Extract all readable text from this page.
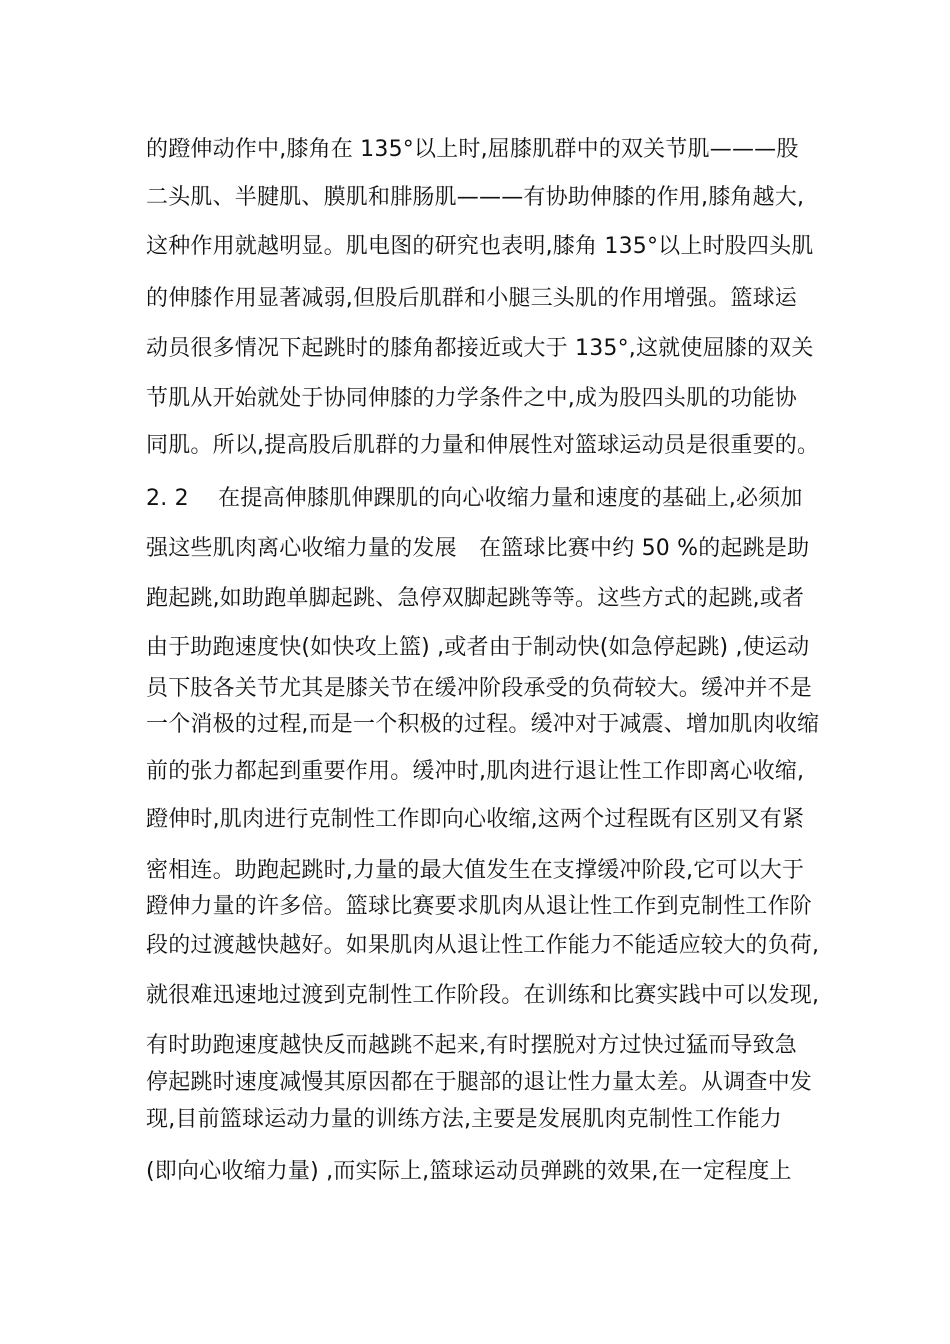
的蹬伸动作中,膝角在 135°以上时,屈膝肌群中的双关节肌———股
二头肌、半腱肌、膜肌和腓肠肌———有协助伸膝的作用,膝角越大,
这种作用就越明显。肌电图的研究也表明,膝角 135°以上时股四头肌
的伸膝作用显著减弱,但股后肌群和小腿三头肌的作用增强。篮球运
动员很多情况下起跳时的膝角都接近或大于 135°,这就使屈膝的双关
节肌从开始就处于协同伸膝的力学条件之中,成为股四头肌的功能协
同肌。所以,提高股后肌群的力量和伸展性对篮球运动员是很重要的。
2. 2　 在提高伸膝肌伸踝肌的向心收缩力量和速度的基础上,必须加
强这些肌肉离心收缩力量的发展　在篮球比赛中约 50 %的起跳是助
跑起跳,如助跑单脚起跳、急停双脚起跳等等。这些方式的起跳,或者
由于助跑速度快(如快攻上篮) ,或者由于制动快(如急停起跳) ,使运动
员下肢各关节尤其是膝关节在缓冲阶段承受的负荷较大。缓冲并不是
一个消极的过程,而是一个积极的过程。缓冲对于减震、增加肌肉收缩
前的张力都起到重要作用。缓冲时,肌肉进行退让性工作即离心收缩,
蹬伸时,肌肉进行克制性工作即向心收缩,这两个过程既有区别又有紧
密相连。助跑起跳时,力量的最大值发生在支撑缓冲阶段,它可以大于
蹬伸力量的许多倍。篮球比赛要求肌肉从退让性工作到克制性工作阶
段的过渡越快越好。如果肌肉从退让性工作能力不能适应较大的负荷,
就很难迅速地过渡到克制性工作阶段。在训练和比赛实践中可以发现,
有时助跑速度越快反而越跳不起来,有时摆脱对方过快过猛而导致急
停起跳时速度减慢其原因都在于腿部的退让性力量太差。从调查中发
现,目前篮球运动力量的训练方法,主要是发展肌肉克制性工作能力
(即向心收缩力量) ,而实际上,篮球运动员弹跳的效果,在一定程度上
